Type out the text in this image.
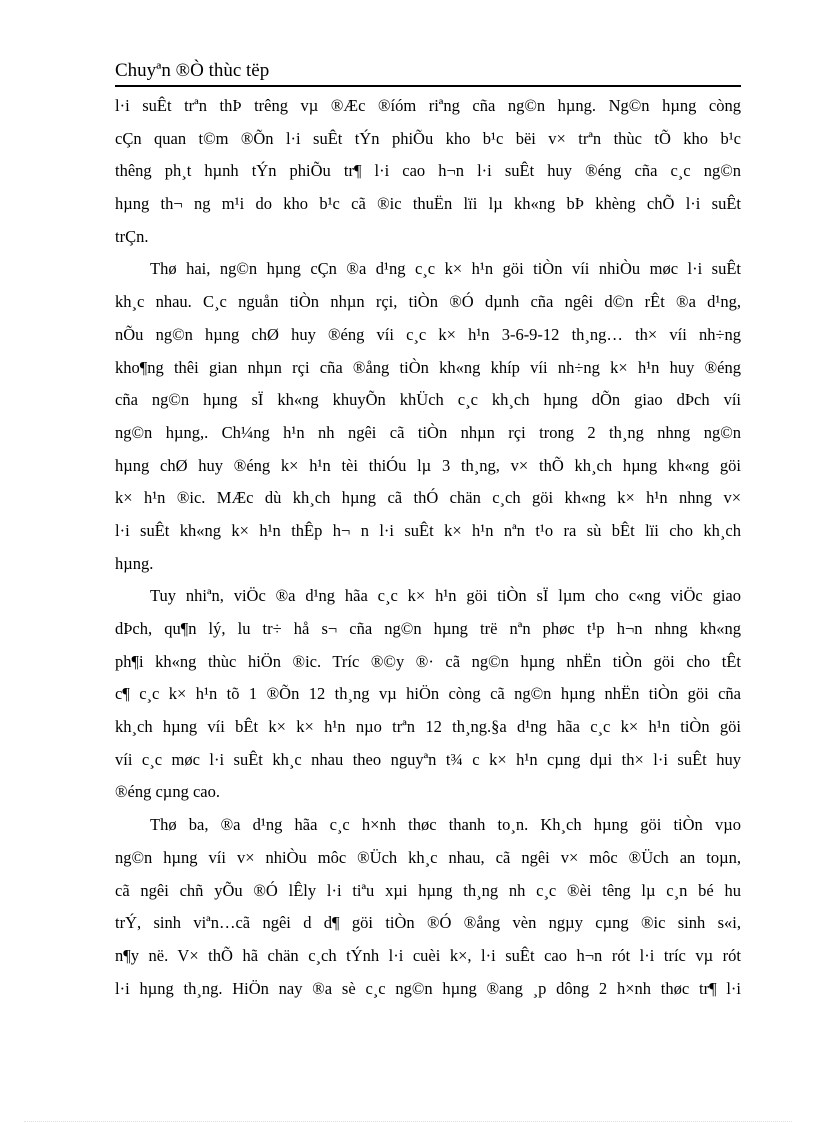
Chuyªn ®Ò thùc tëp
l·i suÊt trªn thÞ trêng vµ ®Æc ®íóm riªng cña ng©n hµng. Ng©n hµng còng
cÇn quan t©m ®Õn l·i suÊt tÝn phiÕu kho b¹c bëi v× trªn thùc tÕ kho b¹c
thêng ph¸t hµnh tÝn phiÕu tr¶ l·i cao h¬n l·i suÊt huy ®éng cña c¸c ng©n
hµng th¬ ng m¹i do kho b¹c cã ®ic thuËn lïi lµ kh«ng bÞ khèng chÕ l·i suÊt
trÇn.
Thø hai, ng©n hµng cÇn ®a d¹ng c¸c k× h¹n göi tiÒn víi nhiÒu møc l·i suÊt
kh¸c nhau. C¸c nguån tiÒn nhµn rçi, tiÒn ®Ó dµnh cña ngêi d©n rÊt ®a d¹ng,
nÕu ng©n hµng chØ huy ®éng víi c¸c k× h¹n 3-6-9-12 th¸ng… th× víi nh÷ng
kho¶ng thêi gian nhµn rçi cña ®ång tiÒn kh«ng khíp víi nh÷ng k× h¹n huy ®éng
cña ng©n hµng sÏ kh«ng khuyÕn khÜch c¸c kh¸ch hµng dÕn giao dÞch víi
ng©n hµng,. Ch¼ng h¹n nh ngêi cã tiÒn nhµn rçi trong 2 th¸ng nhng ng©n
hµng chØ huy ®éng k× h¹n tèi thiÓu lµ 3 th¸ng, v× thÕ kh¸ch hµng kh«ng göi
k× h¹n ®ic. MÆc dù kh¸ch hµng cã thÓ chän c¸ch göi kh«ng k× h¹n nhng v×
l·i suÊt kh«ng k× h¹n thÊp h¬ n l·i suÊt k× h¹n nªn t¹o ra sù bÊt lïi cho kh¸ch
hµng.
Tuy nhiªn, viÖc ®a d¹ng hãa c¸c k× h¹n göi tiÒn sÏ lµm cho c«ng viÖc giao
dÞch, qu¶n lý, lu tr÷ hå s¬ cña ng©n hµng trë nªn phøc t¹p h¬n nhng kh«ng
ph¶i kh«ng thùc hiÖn ®ic. Tríc ®©y ®· cã ng©n hµng nhËn tiÒn göi cho tÊt
c¶ c¸c k× h¹n tõ 1 ®Õn 12 th¸ng vµ hiÖn còng cã ng©n hµng nhËn tiÒn göi cña
kh¸ch hµng víi bÊt k× k× h¹n nµo trªn 12 th¸ng.§a d¹ng hãa c¸c k× h¹n tiÒn göi
víi c¸c møc l·i suÊt kh¸c nhau theo nguyªn t¾ c k× h¹n cµng dµi th× l·i suÊt huy
®éng cµng cao.
Thø ba, ®a d¹ng hãa c¸c h×nh thøc thanh to¸n. Kh¸ch hµng göi tiÒn vµo
ng©n hµng víi v× nhiÒu môc ®Üch kh¸c nhau, cã ngêi v× môc ®Üch an toµn,
cã ngêi chñ yÕu ®Ó lÊly l·i tiªu xµi hµng th¸ng nh c¸c ®èi têng lµ c¸n bé hu
trÝ, sinh viªn…cã ngêi d d¶ göi tiÒn ®Ó ®ång vèn ngµy cµng ®ic sinh s«i,
n¶y në. V× thÕ hã chän c¸ch tÝnh l·i cuèi k×, l·i suÊt cao h¬n rót l·i tríc vµ rót
l·i hµng th¸ng. HiÖn nay ®a sè c¸c ng©n hµng ®ang ¸p dông 2 h×nh thøc tr¶ l·i
